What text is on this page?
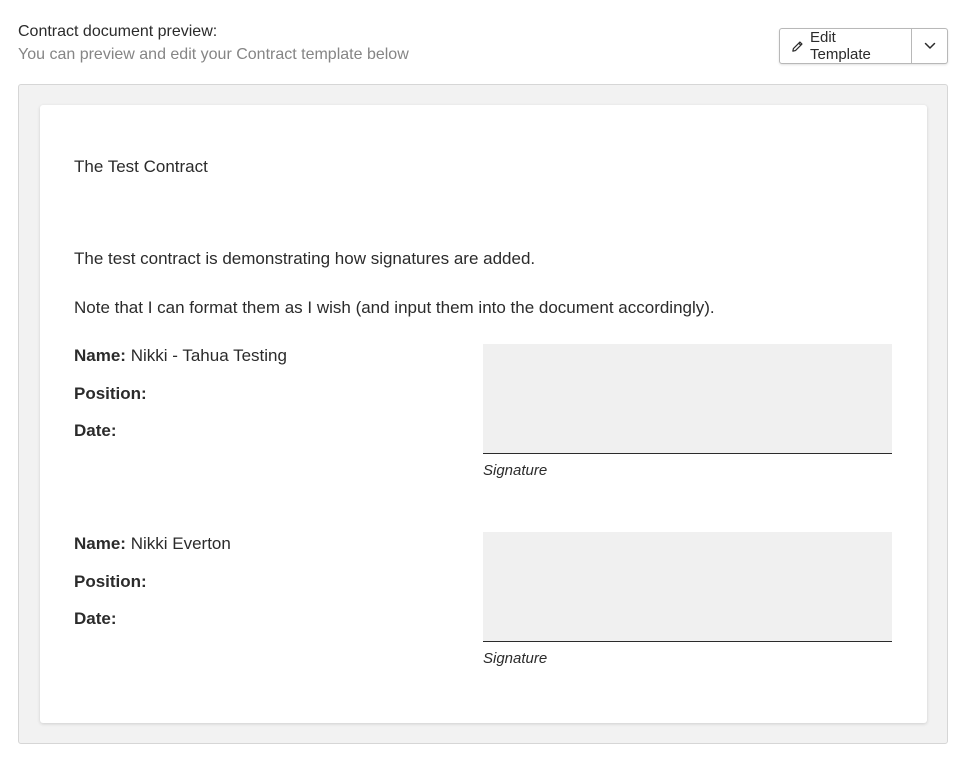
Contract document preview:
You can preview and edit your Contract template below
Edit Template
The Test Contract
The test contract is demonstrating how signatures are added.
Note that I can format them as I wish (and input them into the document accordingly).
Name: Nikki - Tahua Testing
Position:
Date:
Signature
Name: Nikki Everton
Position:
Date:
Signature
